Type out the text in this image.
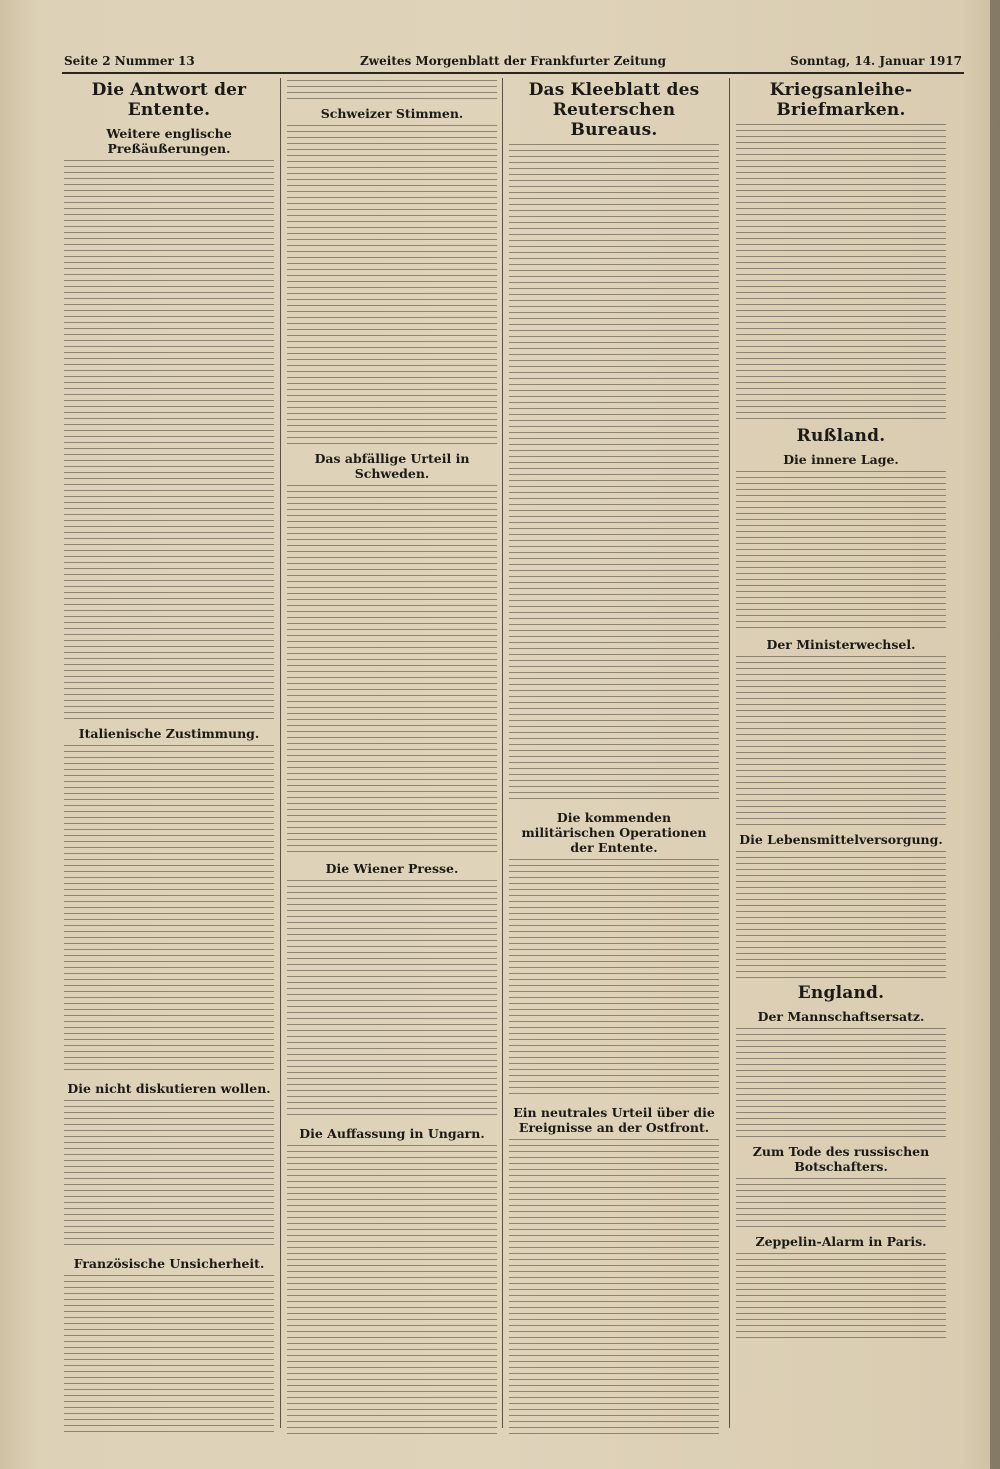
Seite 2 Nummer 13	Zweites Morgenblatt der Frankfurter Zeitung	Sonntag, 14. Januar 1917
Die Antwort der Entente.
Weitere englische Preßäußerungen.
Italienische Zustimmung.
Die nicht diskutieren wollen.
Französische Unsicherheit.
Schweizer Stimmen.
Das abfällige Urteil in Schweden.
Die Wiener Presse.
Die Auffassung in Ungarn.
Das Kleeblatt des Reuterschen Bureaus.
Die kommenden militärischen Operationen der Entente.
Ein neutrales Urteil über die Ereignisse an der Ostfront.
Kriegsanleihe-Briefmarken.
Rußland.
Die innere Lage.
Der Ministerwechsel.
Die Lebensmittelversorgung.
England.
Der Mannschaftsersatz.
Zum Tode des russischen Botschafters.
Zeppelin-Alarm in Paris.
